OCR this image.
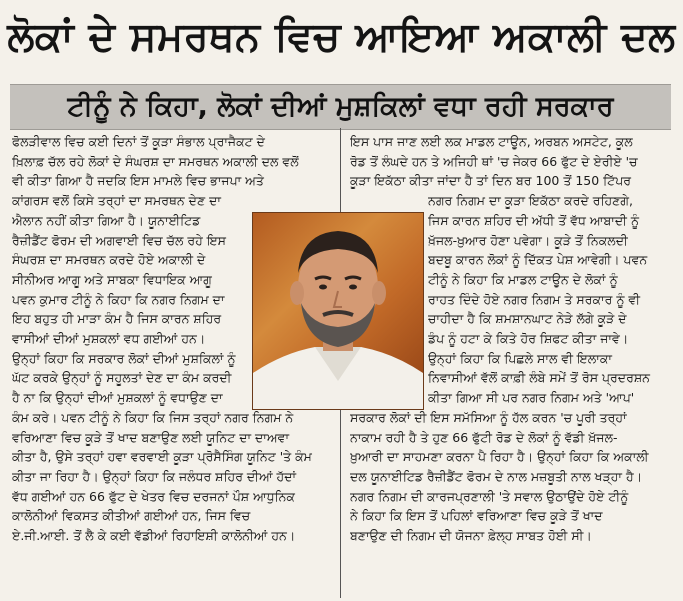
ਲੋਕਾਂ ਦੇ ਸਮਰਥਨ ਵਿਚ ਆਇਆ ਅਕਾਲੀ ਦਲ
ਟੀਨੂੰ ਨੇ ਕਿਹਾ, ਲੋਕਾਂ ਦੀਆਂ ਮੁਸ਼ਕਿਲਾਂ ਵਧਾ ਰਹੀ ਸਰਕਾਰ
ਫੋਲੜੀਵਾਲ ਵਿਚ ਕਈ ਦਿਨਾਂ ਤੋਂ ਕੂੜਾ ਸੰਭਾਲ ਪ੍ਰਾਜੈਕਟ ਦੇ
ਖ਼ਿਲਾਫ਼ ਚੱਲ ਰਹੇ ਲੋਕਾਂ ਦੇ ਸੰਘਰਸ਼ ਦਾ ਸਮਰਥਨ ਅਕਾਲੀ ਦਲ ਵਲੋਂ
ਵੀ ਕੀਤਾ ਗਿਆ ਹੈ ਜਦਕਿ ਇਸ ਮਾਮਲੇ ਵਿਚ ਭਾਜਪਾ ਅਤੇ
ਕਾਂਗਰਸ ਵਲੋਂ ਕਿਸੇ ਤਰ੍ਹਾਂ ਦਾ ਸਮਰਥਨ ਦੇਣ ਦਾ
ਐਲਾਨ ਨਹੀਂ ਕੀਤਾ ਗਿਆ ਹੈ। ਯੂਨਾਈਟਿਡ
ਰੈਜ਼ੀਡੈਂਟ ਫੋਰਮ ਦੀ ਅਗਵਾਈ ਵਿਚ ਚੱਲ ਰਹੇ ਇਸ
ਸੰਘਰਸ਼ ਦਾ ਸਮਰਥਨ ਕਰਦੇ ਹੋਏ ਅਕਾਲੀ ਦੇ
ਸੀਨੀਅਰ ਆਗੂ ਅਤੇ ਸਾਬਕਾ ਵਿਧਾਇਕ ਆਗੂ
ਪਵਨ ਕੁਮਾਰ ਟੀਨੂੰ ਨੇ ਕਿਹਾ ਕਿ ਨਗਰ ਨਿਗਮ ਦਾ
ਇਹ ਬਹੁਤ ਹੀ ਮਾੜਾ ਕੰਮ ਹੈ ਜਿਸ ਕਾਰਨ ਸ਼ਹਿਰ
ਵਾਸੀਆਂ ਦੀਆਂ ਮੁਸ਼ਕਲਾਂ ਵਧ ਗਈਆਂ ਹਨ।
ਉਨ੍ਹਾਂ ਕਿਹਾ ਕਿ ਸਰਕਾਰ ਲੋਕਾਂ ਦੀਆਂ ਮੁਸ਼ਕਿਲਾਂ ਨੂੰ
ਘੱਟ ਕਰਕੇ ਉਨ੍ਹਾਂ ਨੂੰ ਸਹੂਲਤਾਂ ਦੇਣ ਦਾ ਕੰਮ ਕਰਦੀ
ਹੈ ਨਾ ਕਿ ਉਨ੍ਹਾਂ ਦੀਆਂ ਮੁਸ਼ਕਲਾਂ ਨੂੰ ਵਧਾਉਣ ਦਾ
ਕੰਮ ਕਰੇ। ਪਵਨ ਟੀਨੂੰ ਨੇ ਕਿਹਾ ਕਿ ਜਿਸ ਤਰ੍ਹਾਂ ਨਗਰ ਨਿਗਮ ਨੇ
ਵਰਿਆਣਾ ਵਿਚ ਕੂੜੇ ਤੋਂ ਖਾਦ ਬਣਾਉਣ ਲਈ ਯੂਨਿਟ ਦਾ ਦਾਅਵਾ
ਕੀਤਾ ਹੈ, ਉਸੇ ਤਰ੍ਹਾਂ ਹਵਾ ਵਰਵਾਈ ਕੂੜਾ ਪ੍ਰੋਸੈਸਿੰਗ ਯੂਨਿਟ 'ਤੇ ਕੰਮ
ਕੀਤਾ ਜਾ ਰਿਹਾ ਹੈ। ਉਨ੍ਹਾਂ ਕਿਹਾ ਕਿ ਜਲੰਧਰ ਸ਼ਹਿਰ ਦੀਆਂ ਹੱਦਾਂ
ਵੱਧ ਗਈਆਂ ਹਨ 66 ਫੁੱਟ ਦੇ ਖੇਤਰ ਵਿਚ ਦਰਜਨਾਂ ਪੌਸ਼ ਆਧੁਨਿਕ
ਕਾਲੋਨੀਆਂ ਵਿਕਸਤ ਕੀਤੀਆਂ ਗਈਆਂ ਹਨ, ਜਿਸ ਵਿਚ
ਏ.ਜੀ.ਆਈ. ਤੋਂ ਲੈ ਕੇ ਕਈ ਵੱਡੀਆਂ ਰਿਹਾਇਸ਼ੀ ਕਾਲੋਨੀਆਂ ਹਨ।
ਇਸ ਪਾਸ ਜਾਣ ਲਈ ਲਕ ਮਾਡਲ ਟਾਊਨ, ਅਰਬਨ ਅਸਟੇਟ, ਕੂਲ
ਰੋਡ ਤੋਂ ਲੰਘਦੇ ਹਨ ਤੇ ਅਜਿਹੀ ਥਾਂ 'ਚ ਜੇਕਰ 66 ਫੁੱਟ ਦੇ ਏਰੀਏ 'ਚ
ਕੂੜਾ ਇਕੱਠਾ ਕੀਤਾ ਜਾਂਦਾ ਹੈ ਤਾਂ ਦਿਨ ਬਰ 100 ਤੋਂ 150 ਟਿੱਪਰ
ਨਗਰ ਨਿਗਮ ਦਾ ਕੂੜਾ ਇਕੱਠਾ ਕਰਦੇ ਰਹਿਣਗੇ,
ਜਿਸ ਕਾਰਨ ਸ਼ਹਿਰ ਦੀ ਅੱਧੀ ਤੋਂ ਵੱਧ ਆਬਾਦੀ ਨੂੰ
ਖ਼ੱਜਲ-ਖ਼ੁਆਰ ਹੋਣਾ ਪਵੇਗਾ। ਕੂੜੇ ਤੋਂ ਨਿਕਲਦੀ
ਬਦਬੂ ਕਾਰਨ ਲੋਕਾਂ ਨੂੰ ਦਿੱਕਤ ਪੇਸ਼ ਆਵੇਗੀ। ਪਵਨ
ਟੀਨੂੰ ਨੇ ਕਿਹਾ ਕਿ ਮਾਡਲ ਟਾਊਨ ਦੇ ਲੋਕਾਂ ਨੂੰ
ਰਾਹਤ ਦਿੰਦੇ ਹੋਏ ਨਗਰ ਨਿਗਮ ਤੇ ਸਰਕਾਰ ਨੂੰ ਵੀ
ਚਾਹੀਦਾ ਹੈ ਕਿ ਸ਼ਮਸ਼ਾਨਘਾਟ ਨੇੜੇ ਲੱਗੇ ਕੂੜੇ ਦੇ
ਡੰਪ ਨੂੰ ਹਟਾ ਕੇ ਕਿਤੇ ਹੋਰ ਸ਼ਿਫਟ ਕੀਤਾ ਜਾਵੇ।
ਉਨ੍ਹਾਂ ਕਿਹਾ ਕਿ ਪਿਛਲੇ ਸਾਲ ਵੀ ਇਲਾਕਾ
ਨਿਵਾਸੀਆਂ ਵੱਲੋਂ ਕਾਫ਼ੀ ਲੰਬੇ ਸਮੇਂ ਤੋਂ ਰੋਸ ਪ੍ਰਦਰਸ਼ਨ
ਕੀਤਾ ਗਿਆ ਸੀ ਪਰ ਨਗਰ ਨਿਗਮ ਅਤੇ 'ਆਪ'
ਸਰਕਾਰ ਲੋਕਾਂ ਦੀ ਇਸ ਸਮੱਸਿਆ ਨੂੰ ਹੱਲ ਕਰਨ 'ਚ ਪੂਰੀ ਤਰ੍ਹਾਂ
ਨਾਕਾਮ ਰਹੀ ਹੈ ਤੇ ਹੁਣ 66 ਫੁੱਟੀ ਰੋਡ ਦੇ ਲੋਕਾਂ ਨੂੰ ਵੱਡੀ ਖ਼ੱਜਲ-
ਖ਼ੁਆਰੀ ਦਾ ਸਾਹਮਣਾ ਕਰਨਾ ਪੈ ਰਿਹਾ ਹੈ। ਉਨ੍ਹਾਂ ਕਿਹਾ ਕਿ ਅਕਾਲੀ
ਦਲ ਯੂਨਾਈਟਿਡ ਰੈਜ਼ੀਡੈਂਟ ਫੋਰਮ ਦੇ ਨਾਲ ਮਜ਼ਬੂਤੀ ਨਾਲ ਖੜ੍ਹਾ ਹੈ।
ਨਗਰ ਨਿਗਮ ਦੀ ਕਾਰਜਪ੍ਰਣਾਲੀ 'ਤੇ ਸਵਾਲ ਉਠਾਉਂਦੇ ਹੋਏ ਟੀਨੂੰ
ਨੇ ਕਿਹਾ ਕਿ ਇਸ ਤੋਂ ਪਹਿਲਾਂ ਵਰਿਆਣਾ ਵਿਚ ਕੂੜੇ ਤੋਂ ਖਾਦ
ਬਣਾਉਣ ਦੀ ਨਿਗਮ ਦੀ ਯੋਜਨਾ ਫ਼ੇਲ੍ਹ ਸਾਬਤ ਹੋਈ ਸੀ।
